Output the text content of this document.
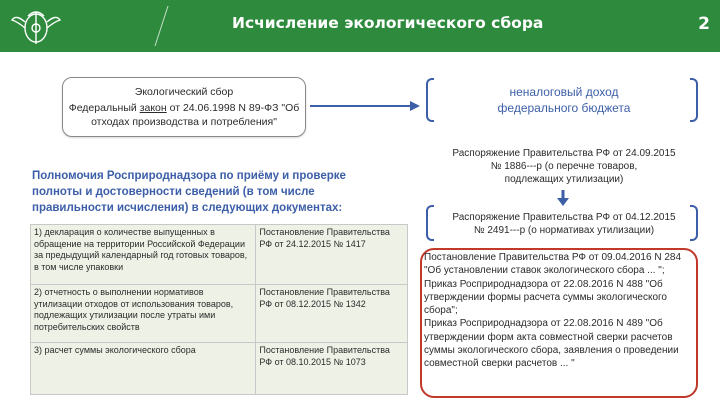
Исчисление экологического сбора	2
Экологический сбор
Федеральный закон от 24.06.1998 N 89-ФЗ "Об
отходах производства и потребления"
неналоговый доход
федерального бюджета
Распоряжение Правительства РФ от 24.09.2015
№ 1886---р (о перечне товаров,
подлежащих утилизации)
Распоряжение Правительства РФ от 04.12.2015
№ 2491---р (о нормативах утилизации)

Постановление Правительства РФ от 09.04.2016 N 284 "Об установлении ставок экологического сбора ... ";

Приказ Росприроднадзора от 22.08.2016 N 488 "Об утверждении формы расчета суммы экологического сбора";

Приказ Росприроднадзора от 22.08.2016 N 489 "Об утверждении форм акта совместной сверки расчетов суммы экологического сбора, заявления о проведении совместной сверки расчетов ... "

Полномочия Росприроднадзора по приёму и проверке полноты и достоверности сведений (в том числе правильности исчисления) в следующих документах:
1) декларация о количестве выпущенных в обращение на территории Российской Федерации за предыдущий календарный год готовых товаров, в том числе упаковки	Постановление Правительства РФ от 24.12.2015 № 1417
2) отчетность о выполнении нормативов утилизации отходов от использования товаров, подлежащих утилизации после утраты ими потребительских свойств	Постановление Правительства РФ от 08.12.2015 № 1342
3) расчет суммы экологического сбора	Постановление Правительства РФ от 08.10.2015 № 1073
